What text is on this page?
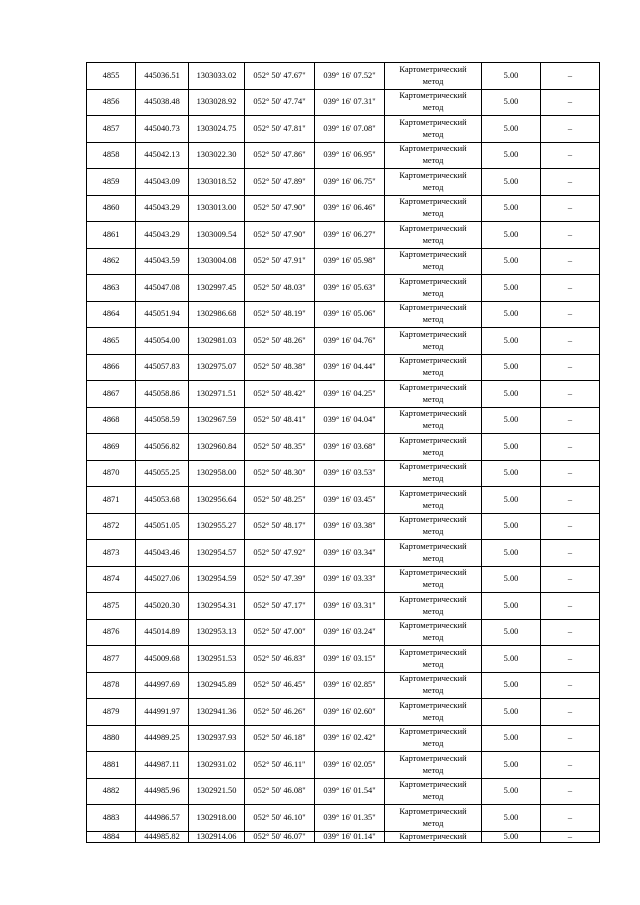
4855	445036.51	1303033.02	052° 50' 47.67"	039° 16' 07.52"	Картометрический
метод	5.00	–
4856	445038.48	1303028.92	052° 50' 47.74"	039° 16' 07.31"	Картометрический
метод	5.00	–
4857	445040.73	1303024.75	052° 50' 47.81"	039° 16' 07.08"	Картометрический
метод	5.00	–
4858	445042.13	1303022.30	052° 50' 47.86"	039° 16' 06.95"	Картометрический
метод	5.00	–
4859	445043.09	1303018.52	052° 50' 47.89"	039° 16' 06.75"	Картометрический
метод	5.00	–
4860	445043.29	1303013.00	052° 50' 47.90"	039° 16' 06.46"	Картометрический
метод	5.00	–
4861	445043.29	1303009.54	052° 50' 47.90"	039° 16' 06.27"	Картометрический
метод	5.00	–
4862	445043.59	1303004.08	052° 50' 47.91"	039° 16' 05.98"	Картометрический
метод	5.00	–
4863	445047.08	1302997.45	052° 50' 48.03"	039° 16' 05.63"	Картометрический
метод	5.00	–
4864	445051.94	1302986.68	052° 50' 48.19"	039° 16' 05.06"	Картометрический
метод	5.00	–
4865	445054.00	1302981.03	052° 50' 48.26"	039° 16' 04.76"	Картометрический
метод	5.00	–
4866	445057.83	1302975.07	052° 50' 48.38"	039° 16' 04.44"	Картометрический
метод	5.00	–
4867	445058.86	1302971.51	052° 50' 48.42"	039° 16' 04.25"	Картометрический
метод	5.00	–
4868	445058.59	1302967.59	052° 50' 48.41"	039° 16' 04.04"	Картометрический
метод	5.00	–
4869	445056.82	1302960.84	052° 50' 48.35"	039° 16' 03.68"	Картометрический
метод	5.00	–
4870	445055.25	1302958.00	052° 50' 48.30"	039° 16' 03.53"	Картометрический
метод	5.00	–
4871	445053.68	1302956.64	052° 50' 48.25"	039° 16' 03.45"	Картометрический
метод	5.00	–
4872	445051.05	1302955.27	052° 50' 48.17"	039° 16' 03.38"	Картометрический
метод	5.00	–
4873	445043.46	1302954.57	052° 50' 47.92"	039° 16' 03.34"	Картометрический
метод	5.00	–
4874	445027.06	1302954.59	052° 50' 47.39"	039° 16' 03.33"	Картометрический
метод	5.00	–
4875	445020.30	1302954.31	052° 50' 47.17"	039° 16' 03.31"	Картометрический
метод	5.00	–
4876	445014.89	1302953.13	052° 50' 47.00"	039° 16' 03.24"	Картометрический
метод	5.00	–
4877	445009.68	1302951.53	052° 50' 46.83"	039° 16' 03.15"	Картометрический
метод	5.00	–
4878	444997.69	1302945.89	052° 50' 46.45"	039° 16' 02.85"	Картометрический
метод	5.00	–
4879	444991.97	1302941.36	052° 50' 46.26"	039° 16' 02.60"	Картометрический
метод	5.00	–
4880	444989.25	1302937.93	052° 50' 46.18"	039° 16' 02.42"	Картометрический
метод	5.00	–
4881	444987.11	1302931.02	052° 50' 46.11"	039° 16' 02.05"	Картометрический
метод	5.00	–
4882	444985.96	1302921.50	052° 50' 46.08"	039° 16' 01.54"	Картометрический
метод	5.00	–
4883	444986.57	1302918.00	052° 50' 46.10"	039° 16' 01.35"	Картометрический
метод	5.00	–
4884	444985.82	1302914.06	052° 50' 46.07"	039° 16' 01.14"	Картометрический	5.00	–
